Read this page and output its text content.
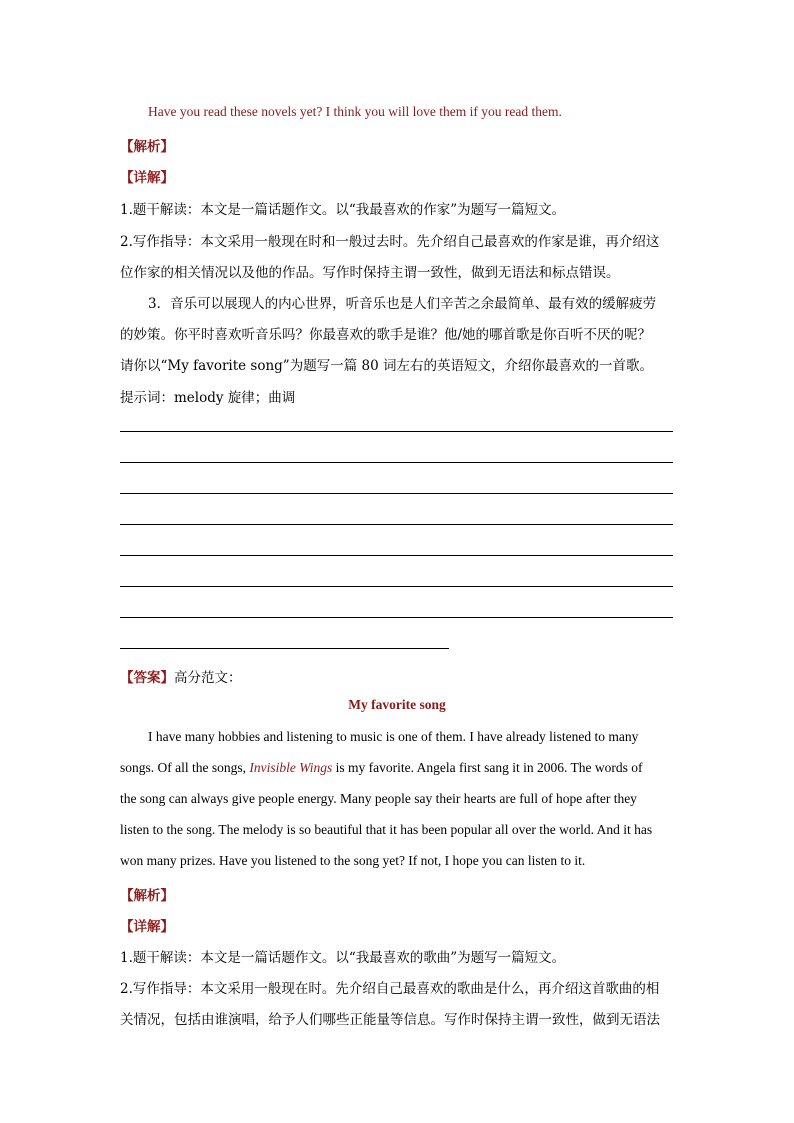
Have you read these novels yet? I think you will love them if you read them.
【解析】
【详解】
1.题干解读：本文是一篇话题作文。以“我最喜欢的作家”为题写一篇短文。
2.写作指导：本文采用一般现在时和一般过去时。先介绍自己最喜欢的作家是谁，再介绍这
位作家的相关情况以及他的作品。写作时保持主谓一致性，做到无语法和标点错误。
3．音乐可以展现人的内心世界，听音乐也是人们辛苦之余最简单、最有效的缓解疲劳
的妙策。你平时喜欢听音乐吗？你最喜欢的歌手是谁？他/她的哪首歌是你百听不厌的呢？
请你以“My favorite song”为题写一篇 80 词左右的英语短文，介绍你最喜欢的一首歌。
提示词：melody 旋律；曲调
【答案】高分范文：
My favorite song
I have many hobbies and listening to music is one of them. I have already listened to many
songs. Of all the songs, Invisible Wings is my favorite. Angela first sang it in 2006. The words of
the song can always give people energy. Many people say their hearts are full of hope after they
listen to the song. The melody is so beautiful that it has been popular all over the world. And it has
won many prizes. Have you listened to the song yet? If not, I hope you can listen to it.
【解析】
【详解】
1.题干解读：本文是一篇话题作文。以“我最喜欢的歌曲”为题写一篇短文。
2.写作指导：本文采用一般现在时。先介绍自己最喜欢的歌曲是什么，再介绍这首歌曲的相
关情况，包括由谁演唱，给予人们哪些正能量等信息。写作时保持主谓一致性，做到无语法
